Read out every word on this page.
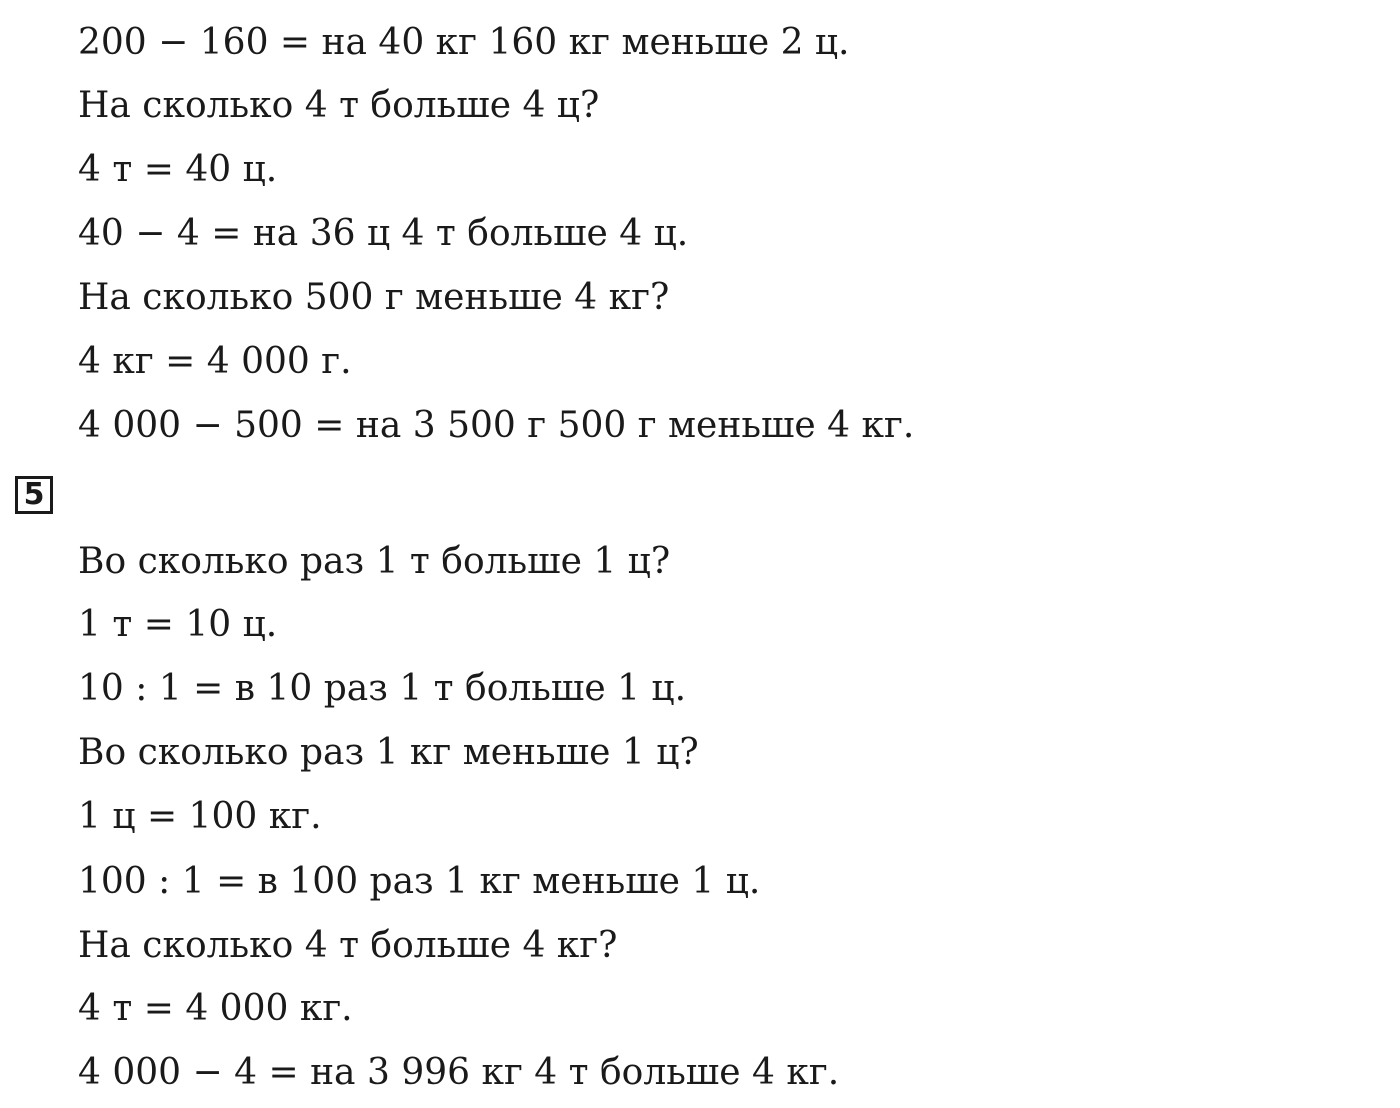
200 − 160 = на 40 кг 160 кг меньше 2 ц.
На сколько 4 т больше 4 ц?
4 т = 40 ц.
40 − 4 = на 36 ц 4 т больше 4 ц.
На сколько 500 г меньше 4 кг?
4 кг = 4 000 г.
4 000 − 500 = на 3 500 г 500 г меньше 4 кг.
5
Во сколько раз 1 т больше 1 ц?
1 т = 10 ц.
10 : 1 = в 10 раз 1 т больше 1 ц.
Во сколько раз 1 кг меньше 1 ц?
1 ц = 100 кг.
100 : 1 = в 100 раз 1 кг меньше 1 ц.
На сколько 4 т больше 4 кг?
4 т = 4 000 кг.
4 000 − 4 = на 3 996 кг 4 т больше 4 кг.
